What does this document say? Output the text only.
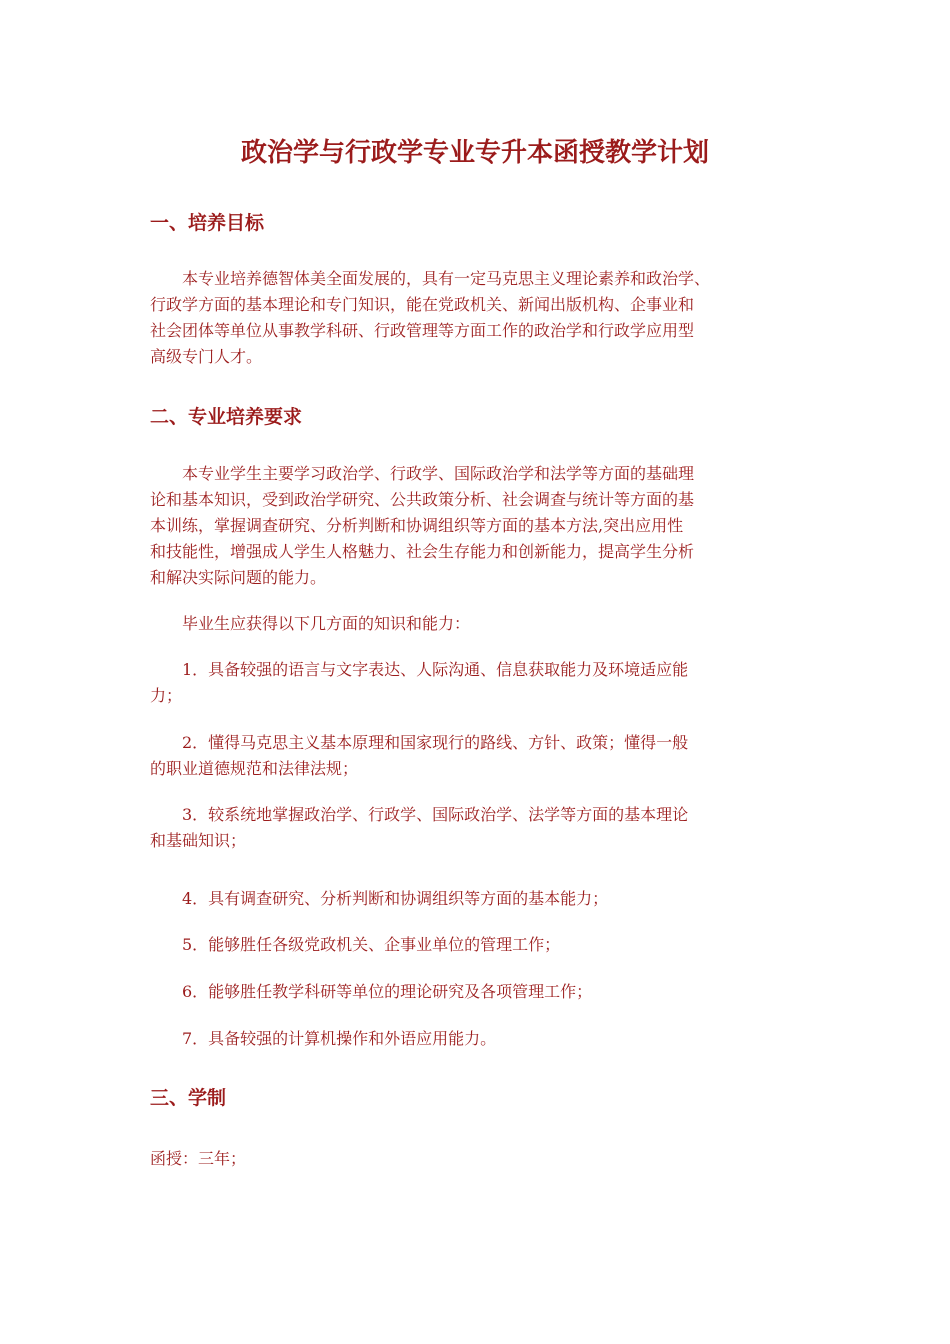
政治学与行政学专业专升本函授教学计划
一、培养目标
　　本专业培养德智体美全面发展的，具有一定马克思主义理论素养和政治学、
行政学方面的基本理论和专门知识，能在党政机关、新闻出版机构、企事业和
社会团体等单位从事教学科研、行政管理等方面工作的政治学和行政学应用型
高级专门人才。
二、专业培养要求
　　本专业学生主要学习政治学、行政学、国际政治学和法学等方面的基础理
论和基本知识，受到政治学研究、公共政策分析、社会调查与统计等方面的基
本训练，掌握调查研究、分析判断和协调组织等方面的基本方法,突出应用性
和技能性，增强成人学生人格魅力、社会生存能力和创新能力，提高学生分析
和解决实际问题的能力。
　　毕业生应获得以下几方面的知识和能力：
　　1．具备较强的语言与文字表达、人际沟通、信息获取能力及环境适应能
力；
　　2．懂得马克思主义基本原理和国家现行的路线、方针、政策；懂得一般
的职业道德规范和法律法规；
　　3．较系统地掌握政治学、行政学、国际政治学、法学等方面的基本理论
和基础知识；
　　4．具有调查研究、分析判断和协调组织等方面的基本能力；
　　5．能够胜任各级党政机关、企事业单位的管理工作；
　　6．能够胜任教学科研等单位的理论研究及各项管理工作；
　　7．具备较强的计算机操作和外语应用能力。
三、学制
函授：三年；
